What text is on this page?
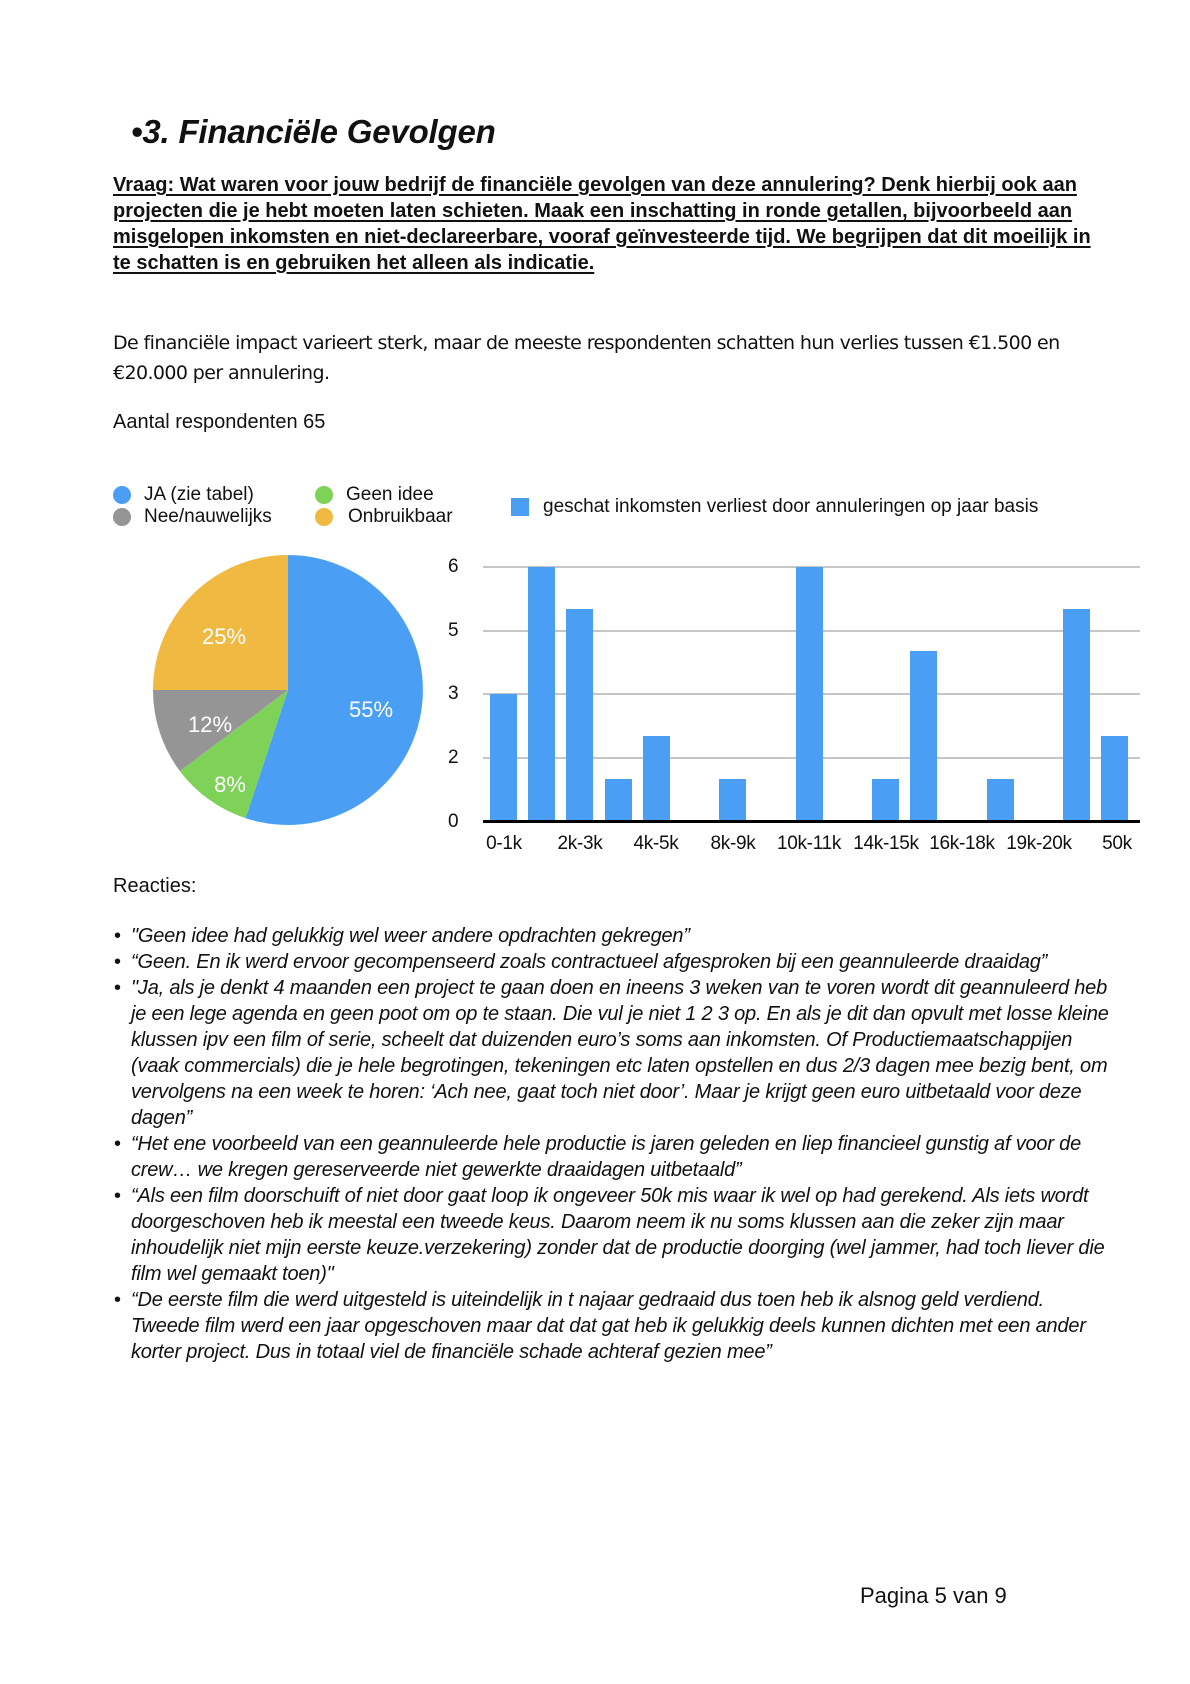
•3. Financiële Gevolgen
Vraag: Wat waren voor jouw bedrijf de financiële gevolgen van deze annulering? Denk hierbij ook aan projecten die je hebt moeten laten schieten. Maak een inschatting in ronde getallen, bijvoorbeeld aan misgelopen inkomsten en niet-declareerbare, vooraf geïnvesteerde tijd. We begrijpen dat dit moeilijk in te schatten is en gebruiken het alleen als indicatie.
De financiële impact varieert sterk, maar de meeste respondenten schatten hun verlies tussen €1.500 en €20.000 per annulering.
Aantal respondenten 65
JA (zie tabel)
Nee/nauwelijks
Geen idee
Onbruikbaar	geschat inkomsten verliest door annuleringen op jaar basis
25%
55%
12%
8%
6
5
3
2
0
0-1k 2k-3k 4k-5k 8k-9k 10k-11k 14k-15k 16k-18k 19k-20k 50k
Reacties:
• "Geen idee had gelukkig wel weer andere opdrachten gekregen”
• “Geen. En ik werd ervoor gecompenseerd zoals contractueel afgesproken bij een geannuleerde draaidag”
• "Ja, als je denkt 4 maanden een project te gaan doen en ineens 3 weken van te voren wordt dit geannuleerd heb je een lege agenda en geen poot om op te staan. Die vul je niet 1 2 3 op. En als je dit dan opvult met losse kleine klussen ipv een film of serie, scheelt dat duizenden euro’s soms aan inkomsten. Of Productiemaatschappijen (vaak commercials) die je hele begrotingen, tekeningen etc laten opstellen en dus 2/3 dagen mee bezig bent, om vervolgens na een week te horen: ‘Ach nee, gaat toch niet door’. Maar je krijgt geen euro uitbetaald voor deze dagen”
• “Het ene voorbeeld van een geannuleerde hele productie is jaren geleden en liep financieel gunstig af voor de crew… we kregen gereserveerde niet gewerkte draaidagen uitbetaald”
• “Als een film doorschuift of niet door gaat loop ik ongeveer 50k mis waar ik wel op had gerekend. Als iets wordt doorgeschoven heb ik meestal een tweede keus. Daarom neem ik nu soms klussen aan die zeker zijn maar inhoudelijk niet mijn eerste keuze.verzekering) zonder dat de productie doorging (wel jammer, had toch liever die film wel gemaakt toen)"
• “De eerste film die werd uitgesteld is uiteindelijk in t najaar gedraaid dus toen heb ik alsnog geld verdiend. Tweede film werd een jaar opgeschoven maar dat dat gat heb ik gelukkig deels kunnen dichten met een ander korter project. Dus in totaal viel de financiële schade achteraf gezien mee”
Pagina 5 van 9
